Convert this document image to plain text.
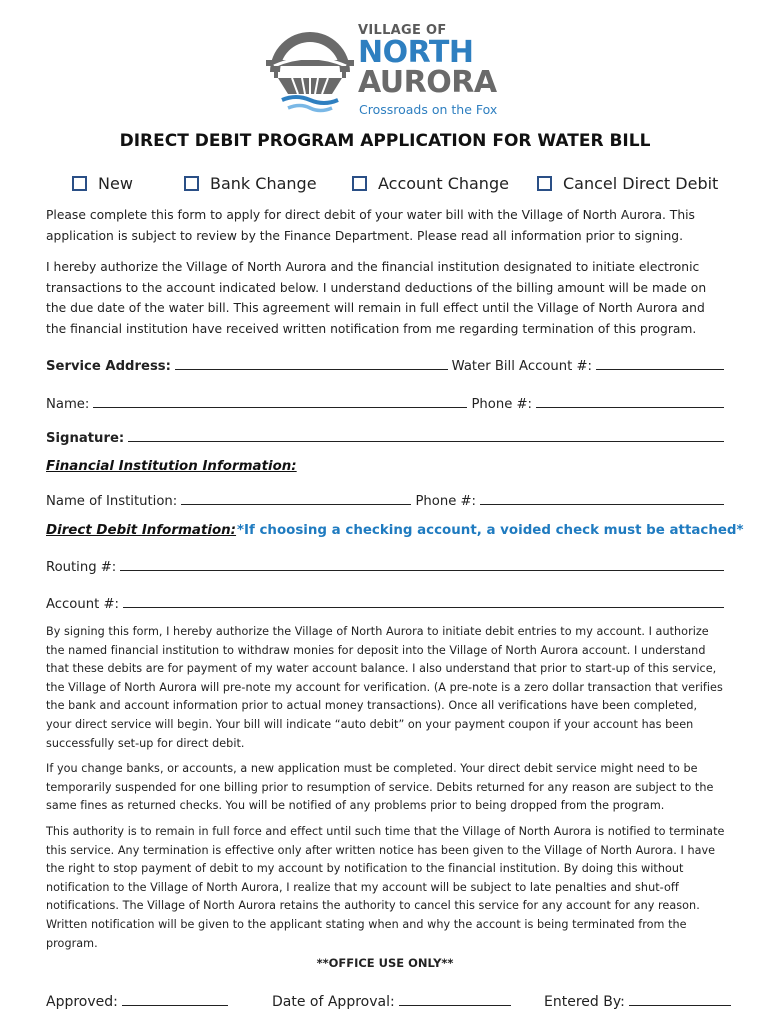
VILLAGE OF
NORTH
AURORA
Crossroads on the Fox
DIRECT DEBIT PROGRAM APPLICATION FOR WATER BILL
New	Bank Change	Account Change	Cancel Direct Debit

Please complete this form to apply for direct debit of your water bill with the Village of North Aurora. This application is subject to review by the Finance Department. Please read all information prior to signing.

I hereby authorize the Village of North Aurora and the financial institution designated to initiate electronic transactions to the account indicated below. I understand deductions of the billing amount will be made on the due date of the water bill. This agreement will remain in full effect until the Village of North Aurora and the financial institution have received written notification from me regarding termination of this program.

Service Address:	Water Bill Account #:
Name:	Phone #:
Signature:
Financial Institution Information:
Name of Institution:	Phone #:
Direct Debit Information: *If choosing a checking account, a voided check must be attached*
Routing #:
Account #:

By signing this form, I hereby authorize the Village of North Aurora to initiate debit entries to my account. I authorize the named financial institution to withdraw monies for deposit into the Village of North Aurora account. I understand that these debits are for payment of my water account balance. I also understand that prior to start-up of this service, the Village of North Aurora will pre-note my account for verification. (A pre-note is a zero dollar transaction that verifies the bank and account information prior to actual money transactions). Once all verifications have been completed, your direct service will begin. Your bill will indicate “auto debit” on your payment coupon if your account has been successfully set-up for direct debit.

If you change banks, or accounts, a new application must be completed. Your direct debit service might need to be temporarily suspended for one billing prior to resumption of service. Debits returned for any reason are subject to the same fines as returned checks. You will be notified of any problems prior to being dropped from the program.

This authority is to remain in full force and effect until such time that the Village of North Aurora is notified to terminate this service. Any termination is effective only after written notice has been given to the Village of North Aurora. I have the right to stop payment of debit to my account by notification to the financial institution. By doing this without notification to the Village of North Aurora, I realize that my account will be subject to late penalties and shut-off notifications. The Village of North Aurora retains the authority to cancel this service for any account for any reason. Written notification will be given to the applicant stating when and why the account is being terminated from the program.

**OFFICE USE ONLY**
Approved:	Date of Approval:	Entered By:
